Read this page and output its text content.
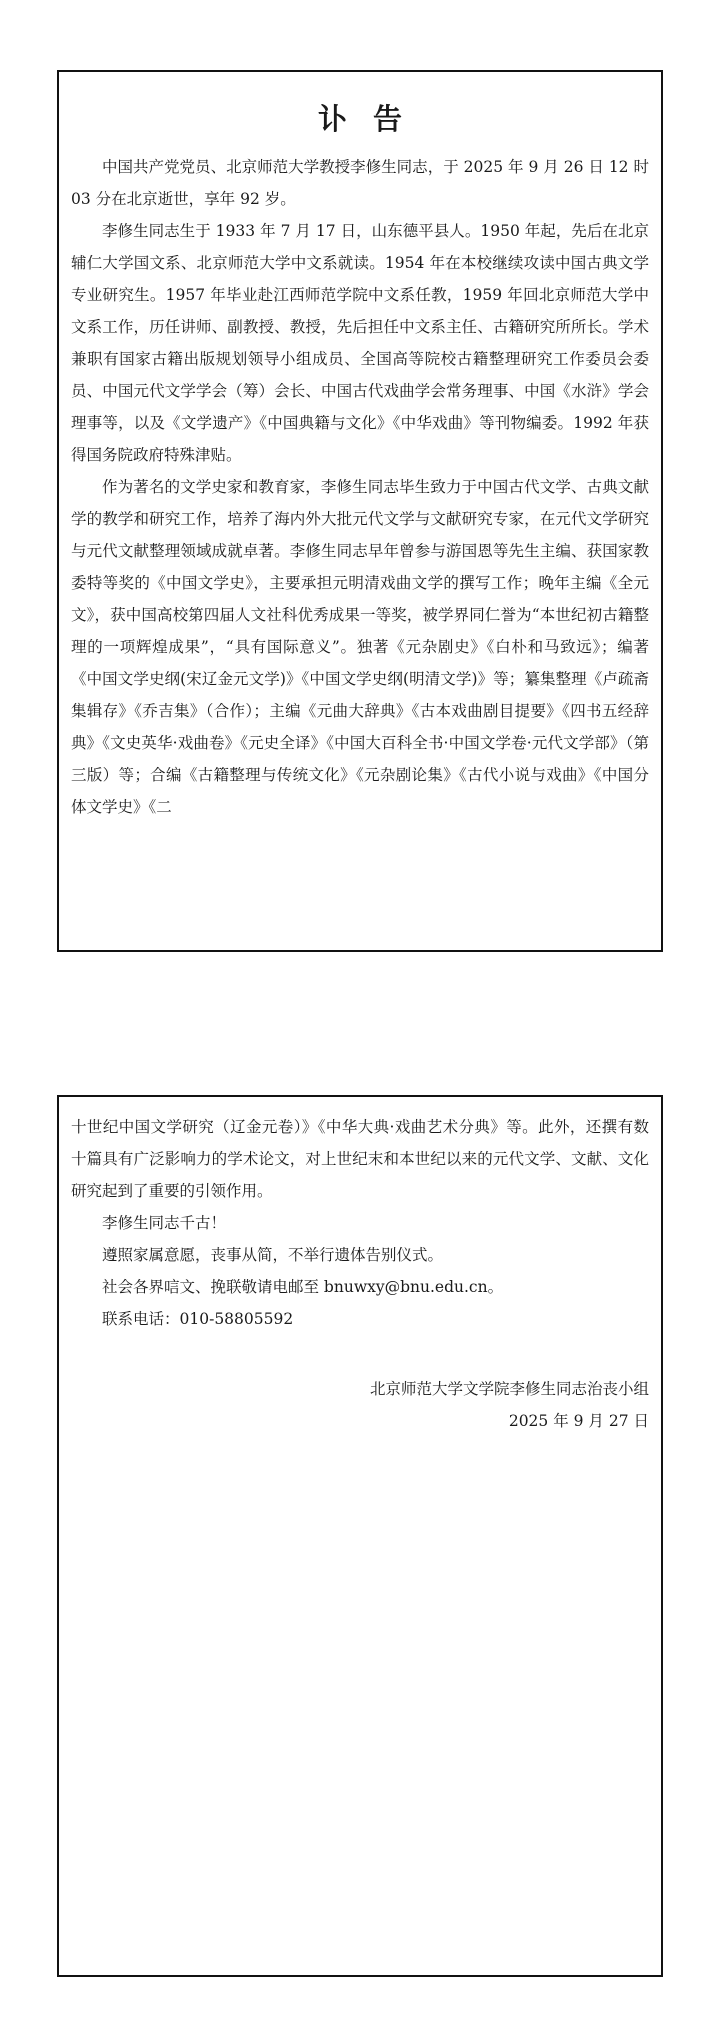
讣告

中国共产党党员、北京师范大学教授李修生同志，于 2025 年 9 月 26 日 12 时 03 分在北京逝世，享年 92 岁。

李修生同志生于 1933 年 7 月 17 日，山东德平县人。1950 年起，先后在北京辅仁大学国文系、北京师范大学中文系就读。1954 年在本校继续攻读中国古典文学专业研究生。1957 年毕业赴江西师范学院中文系任教，1959 年回北京师范大学中文系工作，历任讲师、副教授、教授，先后担任中文系主任、古籍研究所所长。学术兼职有国家古籍出版规划领导小组成员、全国高等院校古籍整理研究工作委员会委员、中国元代文学学会（筹）会长、中国古代戏曲学会常务理事、中国《水浒》学会理事等，以及《文学遗产》《中国典籍与文化》《中华戏曲》等刊物编委。1992 年获得国务院政府特殊津贴。

作为著名的文学史家和教育家，李修生同志毕生致力于中国古代文学、古典文献学的教学和研究工作，培养了海内外大批元代文学与文献研究专家，在元代文学研究与元代文献整理领域成就卓著。李修生同志早年曾参与游国恩等先生主编、获国家教委特等奖的《中国文学史》，主要承担元明清戏曲文学的撰写工作；晚年主编《全元文》，获中国高校第四届人文社科优秀成果一等奖，被学界同仁誉为“本世纪初古籍整理的一项辉煌成果”，“具有国际意义”。独著《元杂剧史》《白朴和马致远》；编著《中国文学史纲(宋辽金元文学)》《中国文学史纲(明清文学)》等；纂集整理《卢疏斋集辑存》《乔吉集》（合作）；主编《元曲大辞典》《古本戏曲剧目提要》《四书五经辞典》《文史英华·戏曲卷》《元史全译》《中国大百科全书·中国文学卷·元代文学部》（第三版）等；合编《古籍整理与传统文化》《元杂剧论集》《古代小说与戏曲》《中国分体文学史》《二

十世纪中国文学研究（辽金元卷）》《中华大典·戏曲艺术分典》等。此外，还撰有数十篇具有广泛影响力的学术论文，对上世纪末和本世纪以来的元代文学、文献、文化研究起到了重要的引领作用。

李修生同志千古！

遵照家属意愿，丧事从简，不举行遗体告别仪式。

社会各界唁文、挽联敬请电邮至 bnuwxy@bnu.edu.cn。

联系电话：010-58805592

北京师范大学文学院李修生同志治丧小组
2025 年 9 月 27 日
